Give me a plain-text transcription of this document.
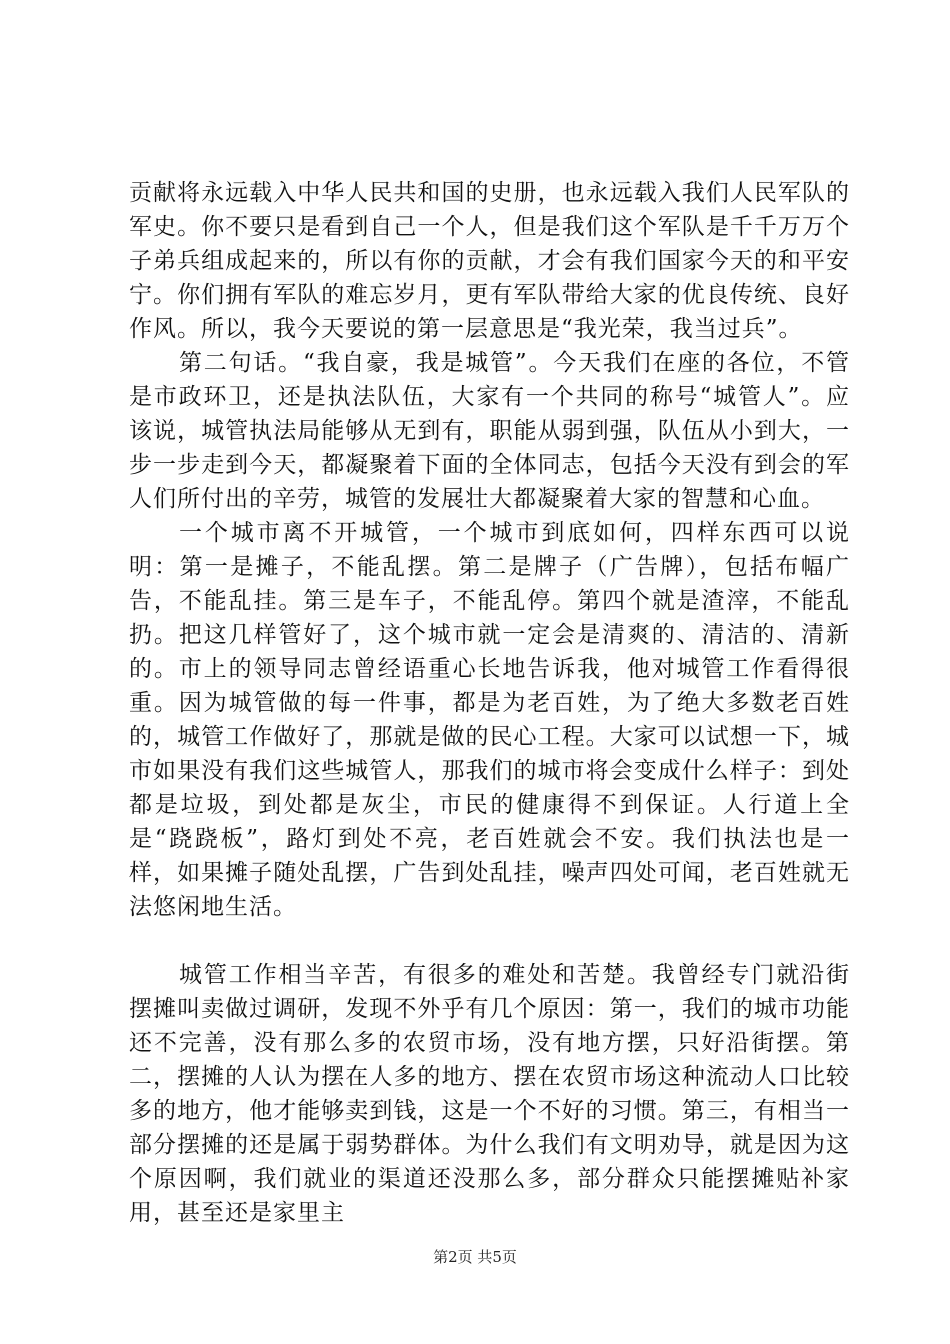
贡献将永远载入中华人民共和国的史册，也永远载入我们人民军队的军史。你不要只是看到自己一个人，但是我们这个军队是千千万万个子弟兵组成起来的，所以有你的贡献，才会有我们国家今天的和平安宁。你们拥有军队的难忘岁月，更有军队带给大家的优良传统、良好作风。所以，我今天要说的第一层意思是“我光荣，我当过兵”。

第二句话。“我自豪，我是城管”。今天我们在座的各位，不管是市政环卫，还是执法队伍，大家有一个共同的称号“城管人”。应该说，城管执法局能够从无到有，职能从弱到强，队伍从小到大，一步一步走到今天，都凝聚着下面的全体同志，包括今天没有到会的军人们所付出的辛劳，城管的发展壮大都凝聚着大家的智慧和心血。

一个城市离不开城管，一个城市到底如何，四样东西可以说明：第一是摊子，不能乱摆。第二是牌子（广告牌），包括布幅广告，不能乱挂。第三是车子，不能乱停。第四个就是渣滓，不能乱扔。把这几样管好了，这个城市就一定会是清爽的、清洁的、清新的。市上的领导同志曾经语重心长地告诉我，他对城管工作看得很重。因为城管做的每一件事，都是为老百姓，为了绝大多数老百姓的，城管工作做好了，那就是做的民心工程。大家可以试想一下，城市如果没有我们这些城管人，那我们的城市将会变成什么样子：到处都是垃圾，到处都是灰尘，市民的健康得不到保证。人行道上全是“跷跷板”，路灯到处不亮，老百姓就会不安。我们执法也是一样，如果摊子随处乱摆，广告到处乱挂，噪声四处可闻，老百姓就无法悠闲地生活。

城管工作相当辛苦，有很多的难处和苦楚。我曾经专门就沿街摆摊叫卖做过调研，发现不外乎有几个原因：第一，我们的城市功能还不完善，没有那么多的农贸市场，没有地方摆，只好沿街摆。第二，摆摊的人认为摆在人多的地方、摆在农贸市场这种流动人口比较多的地方，他才能够卖到钱，这是一个不好的习惯。第三，有相当一部分摆摊的还是属于弱势群体。为什么我们有文明劝导，就是因为这个原因啊，我们就业的渠道还没那么多，部分群众只能摆摊贴补家用，甚至还是家里主

第2页 共5页
